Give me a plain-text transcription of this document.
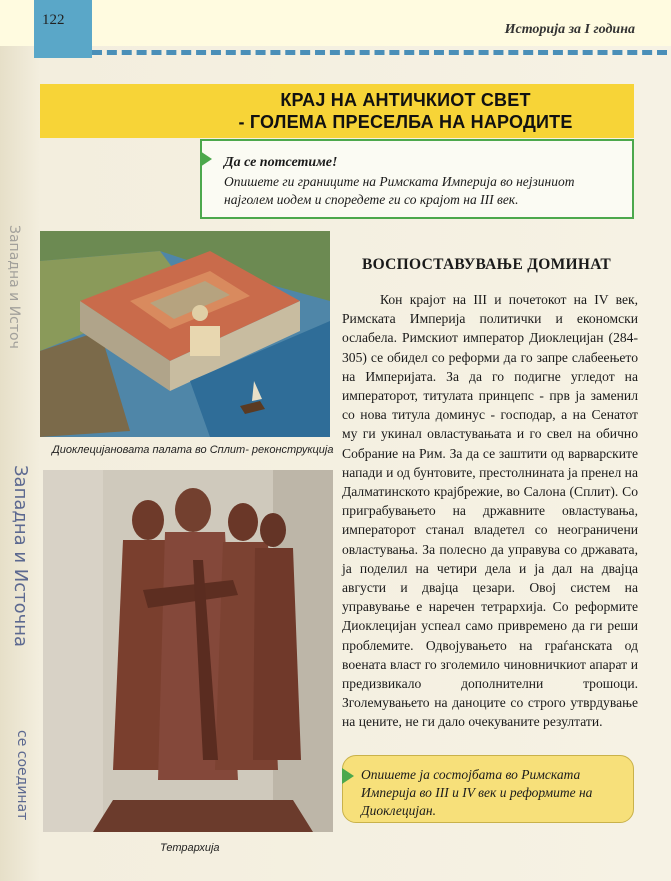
122
Историја за I година
КРАЈ НА АНТИЧКИОТ СВЕТ
- ГОЛЕМА ПРЕСЕЛБА НА НАРОДИТЕ
Да се потсетиме!
Опишете ги границите на Римската Империја во нејзиниот најголем иодем и споредете ги со крајот на III век.
Диоклецијановата палата во Сплит- реконструкција
Тетрархија
ВОСПОСТАВУВАЊЕ ДОМИНАТ

Кон крајот на III и почетокот на IV век, Римската Империја политички и економски ослабела. Римскиот император Диоклецијан (284-305) се обидел со реформи да го запре слабеењето на Империјата. За да го подигне угледот на императорот, титулата принцепс - прв ја заменил со нова титула доминус - господар, а на Сенатот му ги укинал овластувањата и го свел на обично Собрание на Рим. За да се заштити од варварските напади и од бунтовите, престолнината ја пренел на Далматинското крајбрежие, во Салона (Сплит). Со приграбувањето на државните овластувања, императорот станал владетел со неограничени овластувања. За полесно да управува со државата, ја поделил на четири дела и ја дал на двајца августи и двајца цезари. Овој систем на управување е наречен тетрархија. Со реформите Диоклецијан успеал само привремено да ги реши проблемите. Одвојувањето на граѓанската од воената власт го зголемило чиновничкиот апарат и предизвикало дополнителни трошоци. Зголемувањето на даноците со строго утврдување на цените, не ги дало очекуваните резултати.

Опишете ја состојбата во Римската Империја во III и IV век и реформите на Диоклецијан.
Западна и Источ
Западна и Источна
се соединат
